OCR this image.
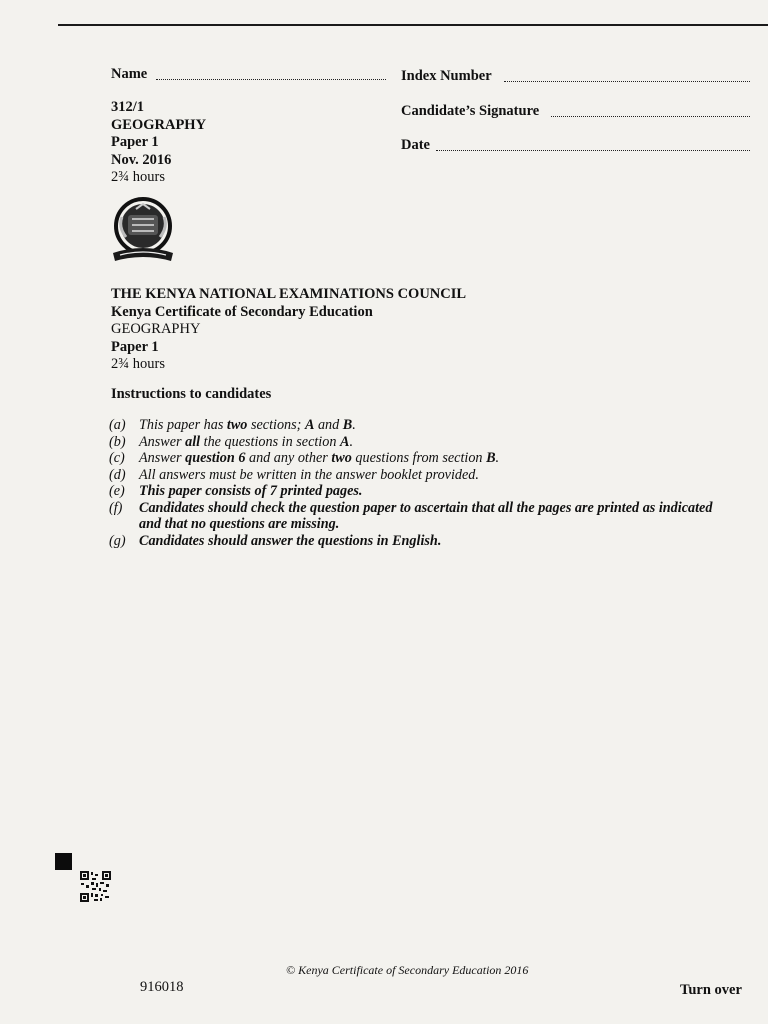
Name	Index Number
Candidate’s Signature
Date
312/1
GEOGRAPHY
Paper 1
Nov. 2016
2¾ hours
THE KENYA NATIONAL EXAMINATIONS COUNCIL
Kenya Certificate of Secondary Education
GEOGRAPHY
Paper 1
2¾ hours
Instructions to candidates
(a) This paper has two sections; A and B.
(b) Answer all the questions in section A.
(c) Answer question 6 and any other two questions from section B.
(d) All answers must be written in the answer booklet provided.
(e) This paper consists of 7 printed pages.
(f) Candidates should check the question paper to ascertain that all the pages are printed as indicated and that no questions are missing.
(g) Candidates should answer the questions in English.
© Kenya Certificate of Secondary Education 2016
916018	Turn over
